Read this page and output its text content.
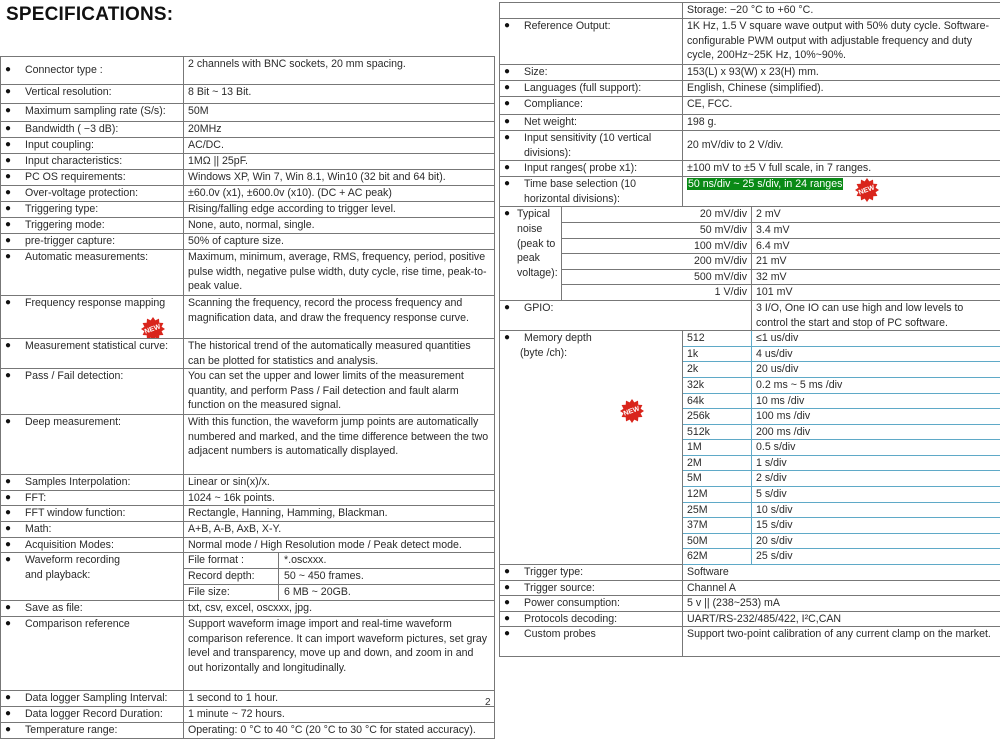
SPECIFICATIONS:
● Connector type :	2 channels with BNC sockets, 20 mm spacing.

● Vertical resolution:	8 Bit ~ 13 Bit.

● Maximum sampling rate (S/s):	50M

● Bandwidth ( −3 dB):	20MHz

● Input coupling:	AC/DC.

● Input characteristics:	1MΩ || 25pF.

● PC OS requirements:	Windows XP, Win 7, Win 8.1, Win10 (32 bit and 64 bit).

● Over-voltage protection:	±60.0v (x1), ±600.0v (x10). (DC + AC peak)

● Triggering type:	Rising/falling edge according to trigger level.

● Triggering mode:	None, auto, normal, single.

● pre-trigger capture:	50% of capture size.

● Automatic measurements:	Maximum, minimum, average, RMS, frequency, period, positive pulse width, negative pulse width, duty cycle, rise time, peak-to-peak value.

● Frequency response mapping
NEW	Scanning the frequency, record the process frequency and magnification data, and draw the frequency response curve.

● Measurement statistical curve:	The historical trend of the automatically measured quantities can be plotted for statistics and analysis.

● Pass / Fail detection:	You can set the upper and lower limits of the measurement quantity, and perform Pass / Fail detection and fault alarm function on the measured signal.

● Deep measurement:	With this function, the waveform jump points are automatically numbered and marked, and the time difference between the two adjacent numbers is automatically displayed.

● Samples Interpolation:	Linear or sin(x)/x.

● FFT:	1024 ~ 16k points.

● FFT window function:	Rectangle, Hanning, Hamming, Blackman.

● Math:	A+B, A-B, AxB, X-Y.

● Acquisition Modes:	Normal mode / High Resolution mode / Peak detect mode.

● Waveform recording and playback:	File format : *.oscxxx.

	Record depth: 50 ~ 450 frames.

	File size: 6 MB ~ 20GB.

● Save as file:	txt, csv, excel, oscxxx, jpg.

● Comparison reference	Support waveform image import and real-time waveform comparison reference. It can import waveform pictures, set gray level and transparency, move up and down, and zoom in and out horizontally and longitudinally.

● Data logger Sampling Interval:	1 second to 1 hour.

● Data logger Record Duration:	1 minute ~ 72 hours.

● Temperature range:	Operating: 0 °C to 40 °C (20 °C to 30 °C for stated accuracy).
		Storage: −20 °C to +60 °C.	

● Reference Output:		1K Hz, 1.5 V square wave output with 50% duty cycle. Software-configurable PWM output with adjustable frequency and duty cycle, 200Hz~25K Hz, 10%~90%.	

● Size:		153(L) x 93(W) x 23(H) mm.	

● Languages (full support):		English, Chinese (simplified).	

● Compliance:		CE, FCC.	

● Net weight:		198 g.	

● Input sensitivity (10 vertical divisions):		20 mV/div to 2 V/div.	

● Input ranges( probe x1):		±100 mV to ±5 V full scale, in 7 ranges.	

● Time base selection (10 horizontal divisions):		50 ns/div ~ 25 s/div, in 24 ranges
NEW	

● Typical noise (peak to peak voltage):	20 mV/div		2 mV
	50 mV/div		3.4 mV
	100 mV/div		6.4 mV
	200 mV/div		21 mV
	500 mV/div		32 mV
	1 V/div		101 mV

● GPIO:			3 I/O, One IO can use high and low levels to control the start and stop of PC software.

● Memory depth
(byte /ch):
NEW		512	≤1 us/div
		1k	4 us/div
		2k	20 us/div
		32k	0.2 ms ~ 5 ms /div
		64k	10 ms /div
		256k	100 ms /div
		512k	200 ms /div
		1M	0.5 s/div
		2M	1 s/div
		5M	2 s/div
		12M	5 s/div
		25M	10 s/div
		37M	15 s/div
		50M	20 s/div
		62M	25 s/div

● Trigger type:		Software	

● Trigger source:		Channel A	

● Power consumption:		5 v || (238~253) mA	

● Protocols decoding:		UART/RS-232/485/422, I²C,CAN	

● Custom probes		Support two-point calibration of any current clamp on the market.	
2
